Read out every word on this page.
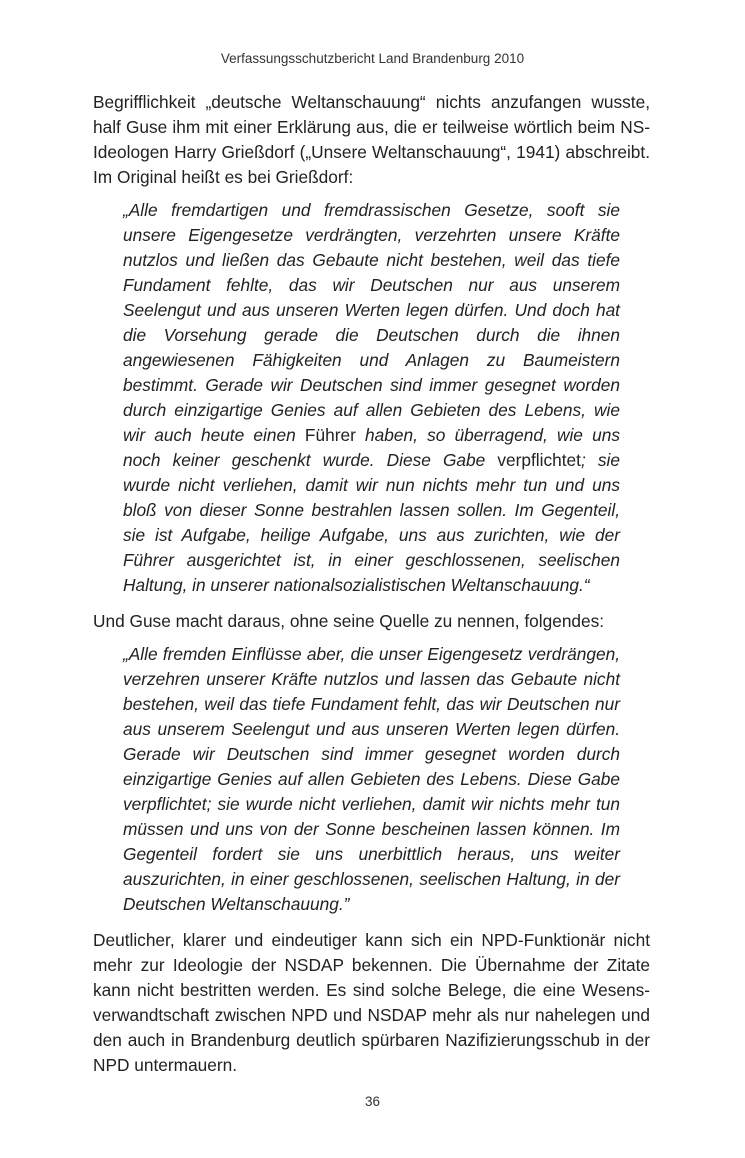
Verfassungsschutzbericht Land Brandenburg 2010

Begrifflichkeit „deutsche Weltanschauung“ nichts anzufangen wusste, half Guse ihm mit einer Erklärung aus, die er teilweise wörtlich beim NS-Ideologen Harry Grießdorf („Unsere Weltanschauung“, 1941) abschreibt. Im Original heißt es bei Grießdorf:

„Alle fremdartigen und fremdrassischen Gesetze, sooft sie unsere Eigengesetze verdrängten, verzehrten unsere Kräfte nutzlos und ließen das Gebaute nicht bestehen, weil das tiefe Fundament fehlte, das wir Deutschen nur aus unserem Seelengut und aus unseren Werten legen dürfen. Und doch hat die Vorsehung gerade die Deutschen durch die ihnen angewiesenen Fähigkeiten und Anlagen zu Baumeistern bestimmt. Gerade wir Deutschen sind immer gesegnet worden durch einzigartige Genies auf allen Gebieten des Lebens, wie wir auch heute einen Führer haben, so überragend, wie uns noch keiner geschenkt wurde. Diese Gabe verpflichtet; sie wurde nicht verliehen, damit wir nun nichts mehr tun und uns bloß von dieser Sonne bestrahlen lassen sollen. Im Gegenteil, sie ist Aufgabe, heilige Aufgabe, uns aus zurichten, wie der Führer ausgerichtet ist, in einer geschlossenen, seelischen Haltung, in unserer nationalsozialistischen Weltanschauung.“

Und Guse macht daraus, ohne seine Quelle zu nennen, folgendes:

„Alle fremden Einflüsse aber, die unser Eigengesetz verdrängen, verzehren unserer Kräfte nutzlos und lassen das Gebaute nicht bestehen, weil das tiefe Fundament fehlt, das wir Deutschen nur aus unserem Seelengut und aus unseren Werten legen dürfen. Gerade wir Deutschen sind immer gesegnet worden durch einzigartige Genies auf allen Gebieten des Lebens. Diese Gabe verpflichtet; sie wurde nicht verliehen, damit wir nichts mehr tun müssen und uns von der Sonne bescheinen lassen können. Im Gegenteil fordert sie uns unerbittlich heraus, uns weiter auszurichten, in einer geschlossenen, seelischen Haltung, in der Deutschen Weltanschauung.”

Deutlicher, klarer und eindeutiger kann sich ein NPD-Funktionär nicht mehr zur Ideologie der NSDAP bekennen. Die Übernahme der Zitate kann nicht bestritten werden. Es sind solche Belege, die eine Wesensverwandtschaft zwischen NPD und NSDAP mehr als nur nahelegen und den auch in Brandenburg deutlich spürbaren Nazifizierungsschub in der NPD untermauern.

36
